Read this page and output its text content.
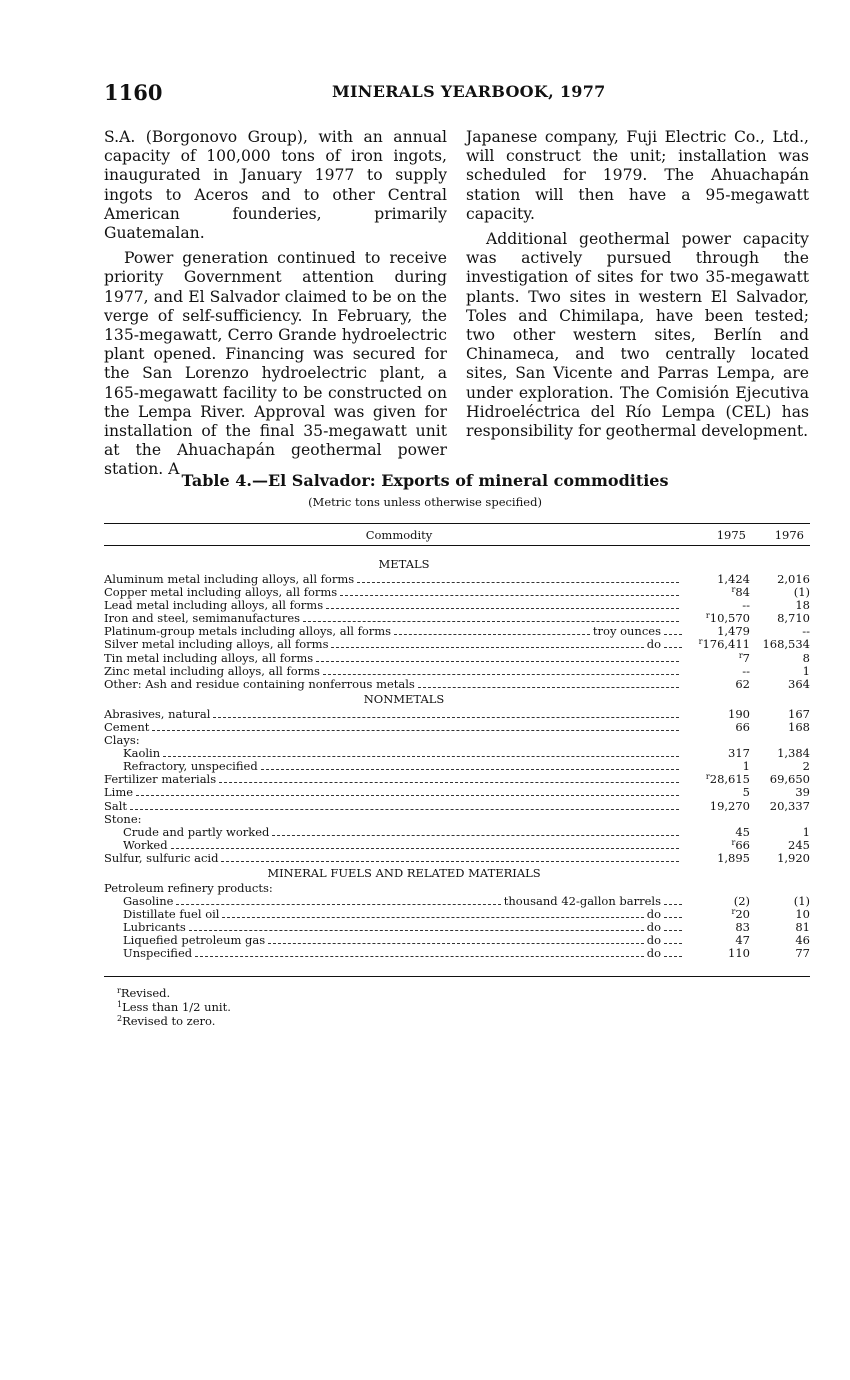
1160	MINERALS YEARBOOK, 1977

S.A. (Borgonovo Group), with an annual capacity of 100,000 tons of iron ingots, inaugurated in January 1977 to supply ingots to Aceros and to other Central American founderies, primarily Guatemalan.

Power generation continued to receive priority Government attention during 1977, and El Salvador claimed to be on the verge of self-sufficiency. In February, the 135-megawatt, Cerro Grande hydroelectric plant opened. Financing was secured for the San Lorenzo hydroelectric plant, a 165-megawatt facility to be constructed on the Lempa River. Approval was given for installation of the final 35-megawatt unit at the Ahuachapán geothermal power station. A

Japanese company, Fuji Electric Co., Ltd., will construct the unit; installation was scheduled for 1979. The Ahuachapán station will then have a 95-megawatt capacity.

Additional geothermal power capacity was actively pursued through the investigation of sites for two 35-megawatt plants. Two sites in western El Salvador, Toles and Chimilapa, have been tested; two other western sites, Berlín and Chinameca, and two centrally located sites, San Vicente and Parras Lempa, are under exploration. The Comisión Ejecutiva Hidroeléctrica del Río Lempa (CEL) has responsibility for geothermal development.

Table 4.—El Salvador: Exports of mineral commodities
(Metric tons unless otherwise specified)
Commodity	1975	1976
METALS
Aluminum metal including alloys, all forms	1,424	2,016
Copper metal including alloys, all forms	$^r$84	(1)
Lead metal including alloys, all forms	--	18
Iron and steel, semimanufactures	$^r$10,570	8,710
Platinum-group metals including alloys, all forms	troy ounces	1,479	--
Silver metal including alloys, all forms	do	$^r$176,411	168,534
Tin metal including alloys, all forms	$^r$7	8
Zinc metal including alloys, all forms	--	1
Other: Ash and residue containing nonferrous metals	62	364
NONMETALS
Abrasives, natural	190	167
Cement	66	168
Clays:
Kaolin	317	1,384
Refractory, unspecified	1	2
Fertilizer materials	$^r$28,615	69,650
Lime	5	39
Salt	19,270	20,337
Stone:
Crude and partly worked	45	1
Worked	$^r$66	245
Sulfur, sulfuric acid	1,895	1,920
MINERAL FUELS AND RELATED MATERIALS
Petroleum refinery products:
Gasoline	thousand 42-gallon barrels	(2)	(1)
Distillate fuel oil	do	$^r$20	10
Lubricants	do	83	81
Liquefied petroleum gas	do	47	46
Unspecified	do	110	77
$^r$Revised.
$^1$Less than 1/2 unit.
$^2$Revised to zero.
